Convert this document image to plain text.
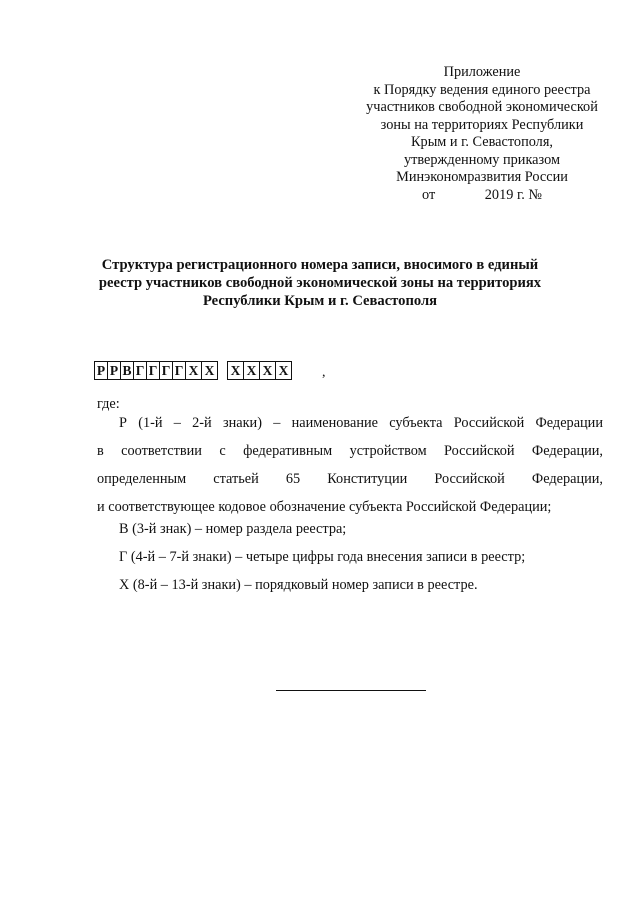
Приложение
к Порядку ведения единого реестра
участников свободной экономической
зоны на территориях Республики
Крым и г. Севастополя,
утвержденному приказом
Минэкономразвития России
от	2019 г. №
Структура регистрационного номера записи, вносимого в единый
реестр участников свободной экономической зоны на территориях
Республики Крым и г. Севастополя
Р Р В Г Г Г Г Х Х Х Х Х Х ,
где:
Р (1-й – 2-й знаки) – наименование субъекта Российской Федерации
в соответствии с федеративным устройством Российской Федерации,
определенным статьей 65 Конституции Российской Федерации,
и соответствующее кодовое обозначение субъекта Российской Федерации;
В (3-й знак) – номер раздела реестра;
Г (4-й – 7-й знаки) – четыре цифры года внесения записи в реестр;
Х (8-й – 13-й знаки) – порядковый номер записи в реестре.
